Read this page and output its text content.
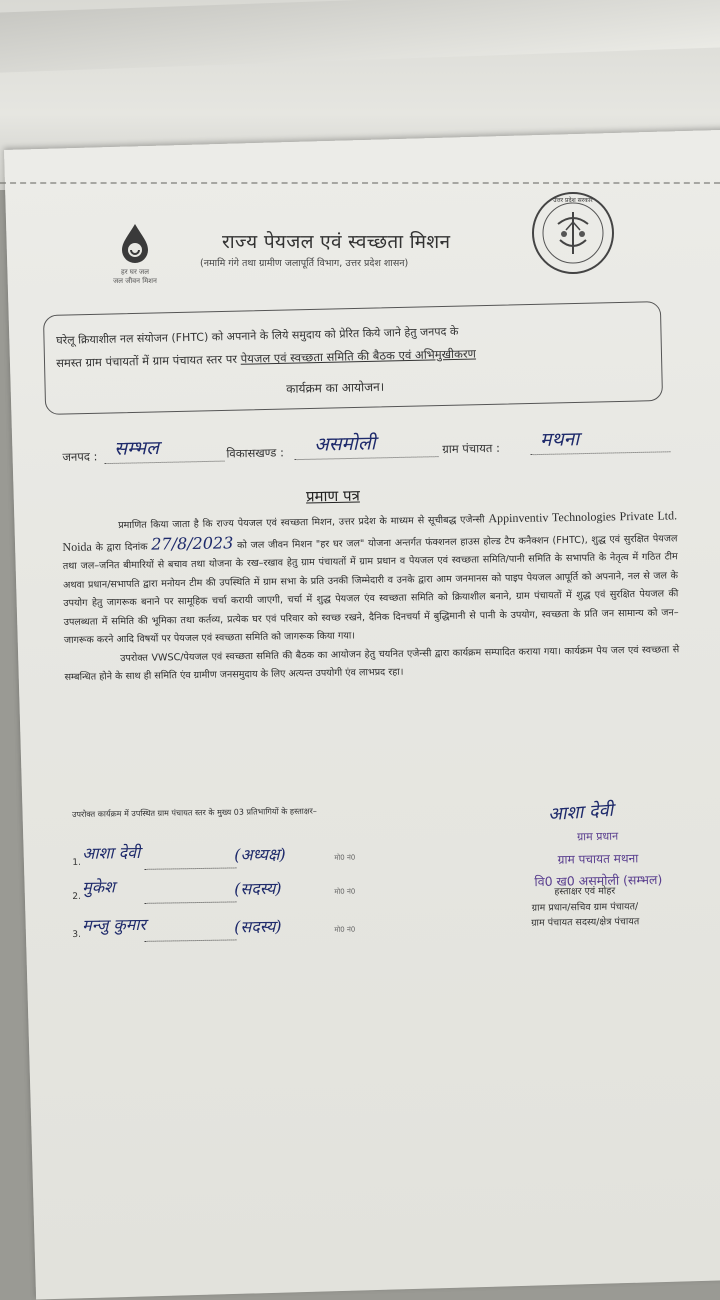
हर घर जल
जल जीवन मिशन
राज्य पेयजल एवं स्वच्छता मिशन
(नमामि गंगे तथा ग्रामीण जलापूर्ति विभाग, उत्तर प्रदेश शासन)
उत्तर प्रदेश सरकार
घरेलू क्रियाशील नल संयोजन (FHTC) को अपनाने के लिये समुदाय को प्रेरित किये जाने हेतु जनपद के
समस्त ग्राम पंचायतों में ग्राम पंचायत स्तर पर पेयजल एवं स्वच्छता समिति की बैठक एवं अभिमुखीकरण
कार्यक्रम का आयोजन।
जनपद : सम्भल	विकासखण्ड : असमोली	ग्राम पंचायत : मथना
प्रमाण पत्र

प्रमाणित किया जाता है कि राज्य पेयजल एवं स्वच्छता मिशन, उत्तर प्रदेश के माध्यम से सूचीबद्ध एजेन्सी Appinventiv Technologies Private Ltd. Noida के द्वारा दिनांक 27/8/2023 को जल जीवन मिशन "हर घर जल" योजना अन्तर्गत फंक्शनल हाउस होल्ड टैप कनैक्शन (FHTC), शुद्ध एवं सुरक्षित पेयजल तथा जल–जनित बीमारियों से बचाव तथा योजना के रख–रखाव हेतु ग्राम पंचायतों में ग्राम प्रधान व पेयजल एवं स्वच्छता समिति/पानी समिति के सभापति के नेतृत्व में गठित टीम अथवा प्रधान/सभापति द्वारा मनोयन टीम की उपस्थिति में ग्राम सभा के प्रति उनकी जिम्मेदारी व उनके द्वारा आम जनमानस को पाइप पेयजल आपूर्ति को अपनाने, नल से जल के उपयोग हेतु जागरूक बनाने पर सामूहिक चर्चा करायी जाएगी, चर्चा में शुद्ध पेयजल एंव स्वच्छता समिति को क्रियाशील बनाने, ग्राम पंचायतों में शुद्ध एवं सुरक्षित पेयजल की उपलब्धता में समिति की भूमिका तथा कर्तव्य, प्रत्येक घर एवं परिवार को स्वच्छ रखने, दैनिक दिनचर्या में बुद्धिमानी से पानी के उपयोग, स्वच्छता के प्रति जन सामान्य को जन–जागरूक करने आदि विषयों पर पेयजल एवं स्वच्छता समिति को जागरूक किया गया।

उपरोक्त VWSC/पेयजल एवं स्वच्छता समिति की बैठक का आयोजन हेतु चयनित एजेन्सी द्वारा कार्यक्रम सम्पादित कराया गया। कार्यक्रम पेय जल एवं स्वच्छता से सम्बन्धित होने के साथ ही समिति एंव ग्रामीण जनसमुदाय के लिए अत्यन्त उपयोगी एंव लाभप्रद रहा।

उपरोक्त कार्यक्रम में उपस्थित ग्राम पंचायत स्तर के मुख्य 03 प्रतिभागियों के हस्ताक्षर–
1.
आशा देवी	(अध्यक्ष)	मो0 नं0
2.
मुकेश	(सदस्य)	मो0 नं0
3.
मन्जु कुमार	(सदस्य)	मो0 नं0
आशा देवी
ग्राम प्रधान
ग्राम पचायत मथना
वि0 ख0 असमोली (सम्भल)
हस्ताक्षर एवं मोहर
ग्राम प्रधान/सचिव ग्राम पंचायत/
ग्राम पंचायत सदस्य/क्षेत्र पंचायत
